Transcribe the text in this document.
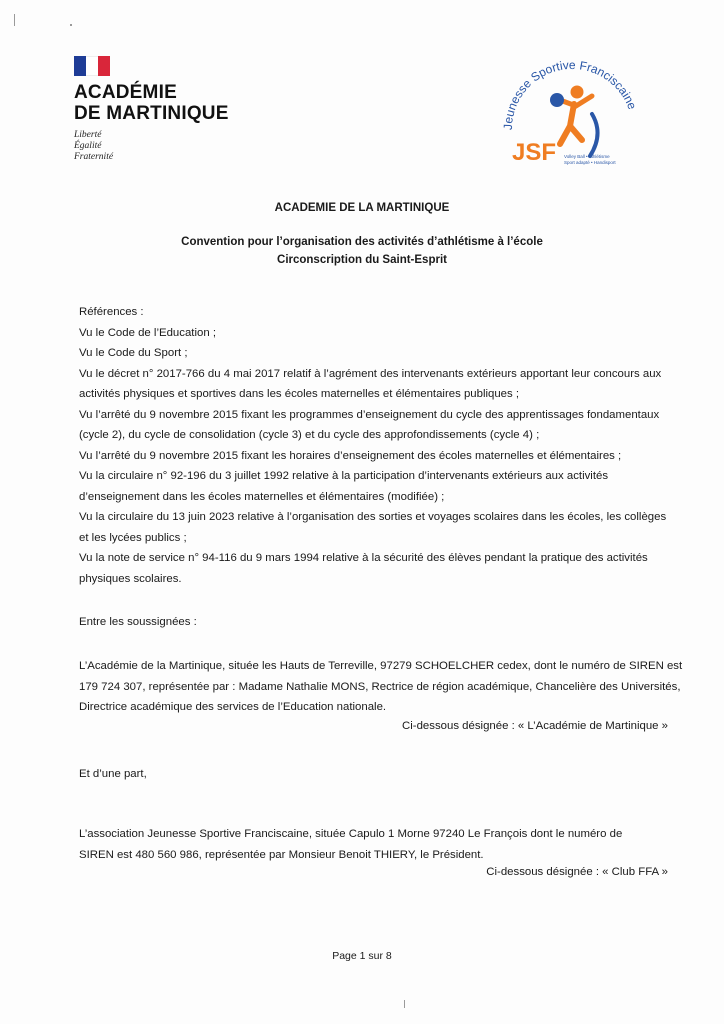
ACADÉMIE
DE MARTINIQUE
Liberté
Égalité
Fraternité
Jeunesse Sportive Franciscaine
JSF Volley Ball • Athlétisme
Sport adapté • Handisport
ACADEMIE DE LA MARTINIQUE
Convention pour l’organisation des activités d’athlétisme à l’école
Circonscription du Saint-Esprit
Références :
Vu le Code de l’Education ;
Vu le Code du Sport ;
Vu le décret n° 2017-766 du 4 mai 2017 relatif à l’agrément des intervenants extérieurs apportant leur concours aux
activités physiques et sportives dans les écoles maternelles et élémentaires publiques ;
Vu l’arrêté du 9 novembre 2015 fixant les programmes d’enseignement du cycle des apprentissages fondamentaux
(cycle 2), du cycle de consolidation (cycle 3) et du cycle des approfondissements (cycle 4) ;
Vu l’arrêté du 9 novembre 2015 fixant les horaires d’enseignement des écoles maternelles et élémentaires ;
Vu la circulaire n° 92-196 du 3 juillet 1992 relative à la participation d’intervenants extérieurs aux activités
d’enseignement dans les écoles maternelles et élémentaires (modifiée) ;
Vu la circulaire du 13 juin 2023 relative à l’organisation des sorties et voyages scolaires dans les écoles, les collèges
et les lycées publics ;
Vu la note de service n° 94-116 du 9 mars 1994 relative à la sécurité des élèves pendant la pratique des activités
physiques scolaires.
Entre les soussignées :
L’Académie de la Martinique, située les Hauts de Terreville, 97279 SCHOELCHER cedex, dont le numéro de SIREN est
179 724 307, représentée par : Madame Nathalie MONS, Rectrice de région académique, Chancelière des Universités,
Directrice académique des services de l’Education nationale.
Ci-dessous désignée : « L’Académie de Martinique »
Et d’une part,
L’association Jeunesse Sportive Franciscaine, située Capulo 1 Morne 97240 Le François dont le numéro de
SIREN est 480 560 986, représentée par Monsieur Benoit THIERY, le Président.
Ci-dessous désignée : « Club FFA »
Page 1 sur 8
